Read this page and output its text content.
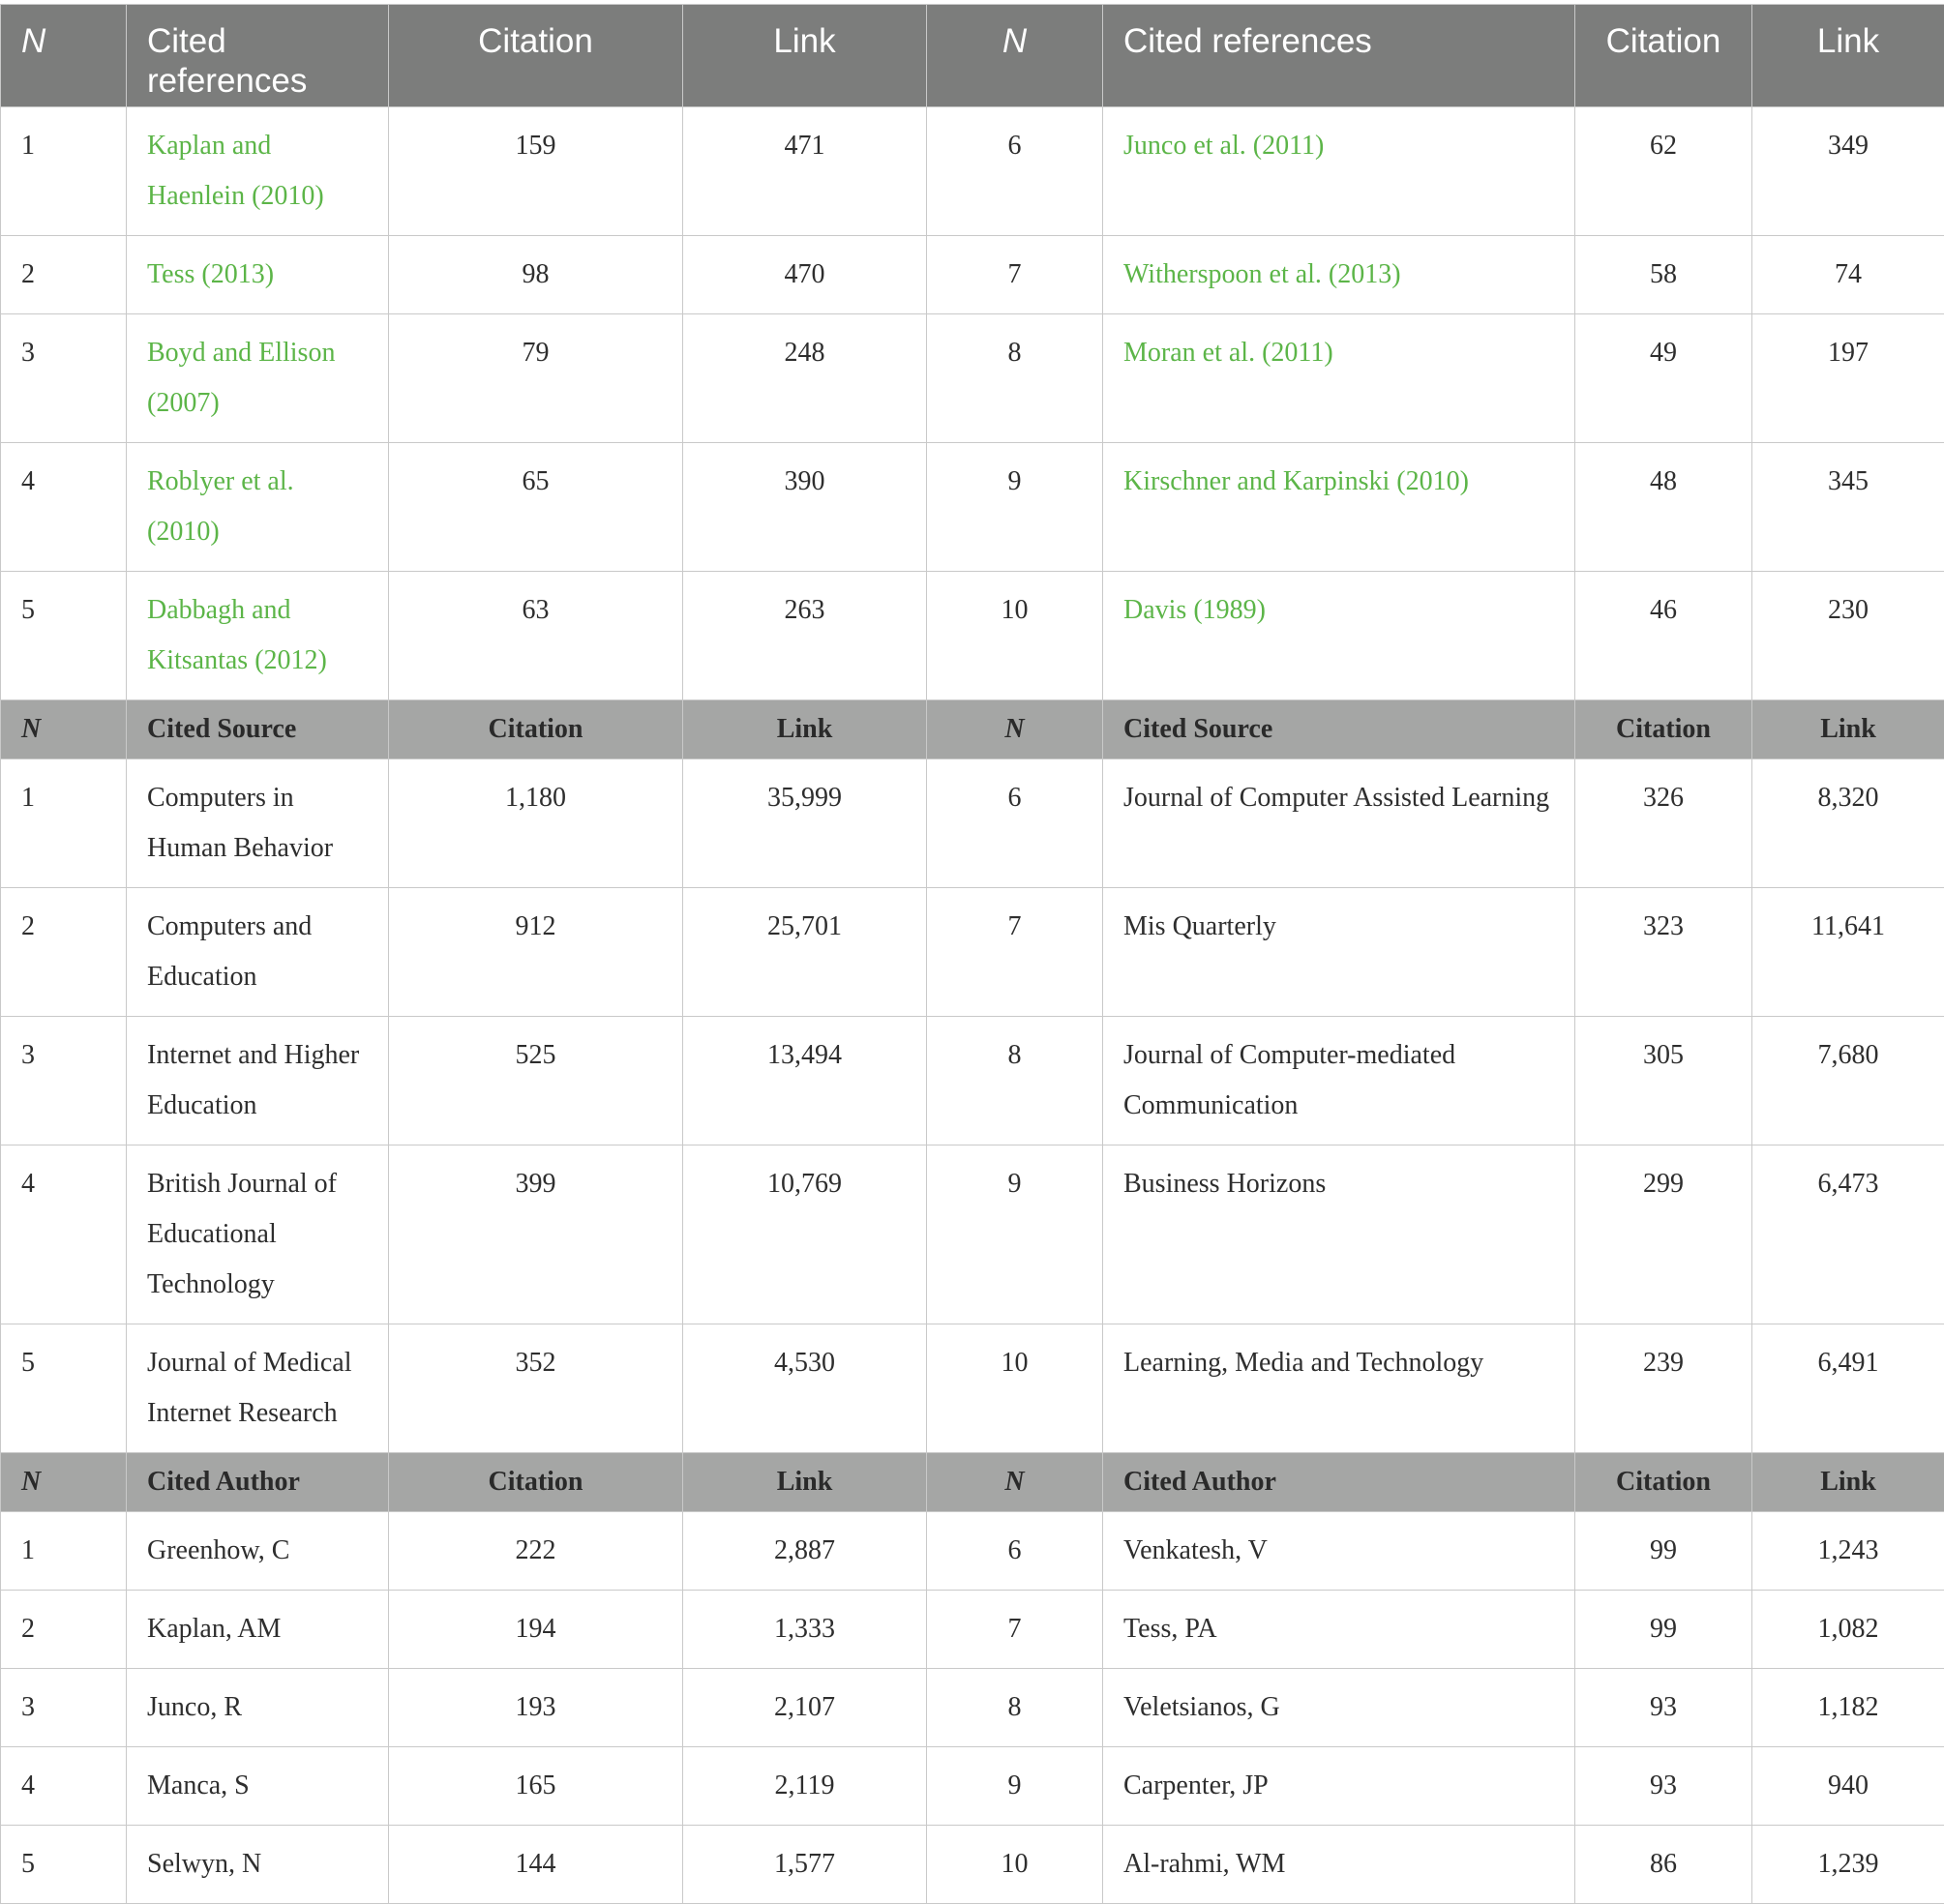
N	Cited references	Citation	Link	N	Cited references	Citation	Link
1	Kaplan and Haenlein (2010)	159	471	6	Junco et al. (2011)	62	349
2	Tess (2013)	98	470	7	Witherspoon et al. (2013)	58	74
3	Boyd and Ellison (2007)	79	248	8	Moran et al. (2011)	49	197
4	Roblyer et al. (2010)	65	390	9	Kirschner and Karpinski (2010)	48	345
5	Dabbagh and Kitsantas (2012)	63	263	10	Davis (1989)	46	230
N	Cited Source	Citation	Link	N	Cited Source	Citation	Link
1	Computers in Human Behavior	1,180	35,999	6	Journal of Computer Assisted Learning	326	8,320
2	Computers and Education	912	25,701	7	Mis Quarterly	323	11,641
3	Internet and Higher Education	525	13,494	8	Journal of Computer-mediated Communication	305	7,680
4	British Journal of Educational Technology	399	10,769	9	Business Horizons	299	6,473
5	Journal of Medical Internet Research	352	4,530	10	Learning, Media and Technology	239	6,491
N	Cited Author	Citation	Link	N	Cited Author	Citation	Link
1	Greenhow, C	222	2,887	6	Venkatesh, V	99	1,243
2	Kaplan, AM	194	1,333	7	Tess, PA	99	1,082
3	Junco, R	193	2,107	8	Veletsianos, G	93	1,182
4	Manca, S	165	2,119	9	Carpenter, JP	93	940
5	Selwyn, N	144	1,577	10	Al-rahmi, WM	86	1,239
